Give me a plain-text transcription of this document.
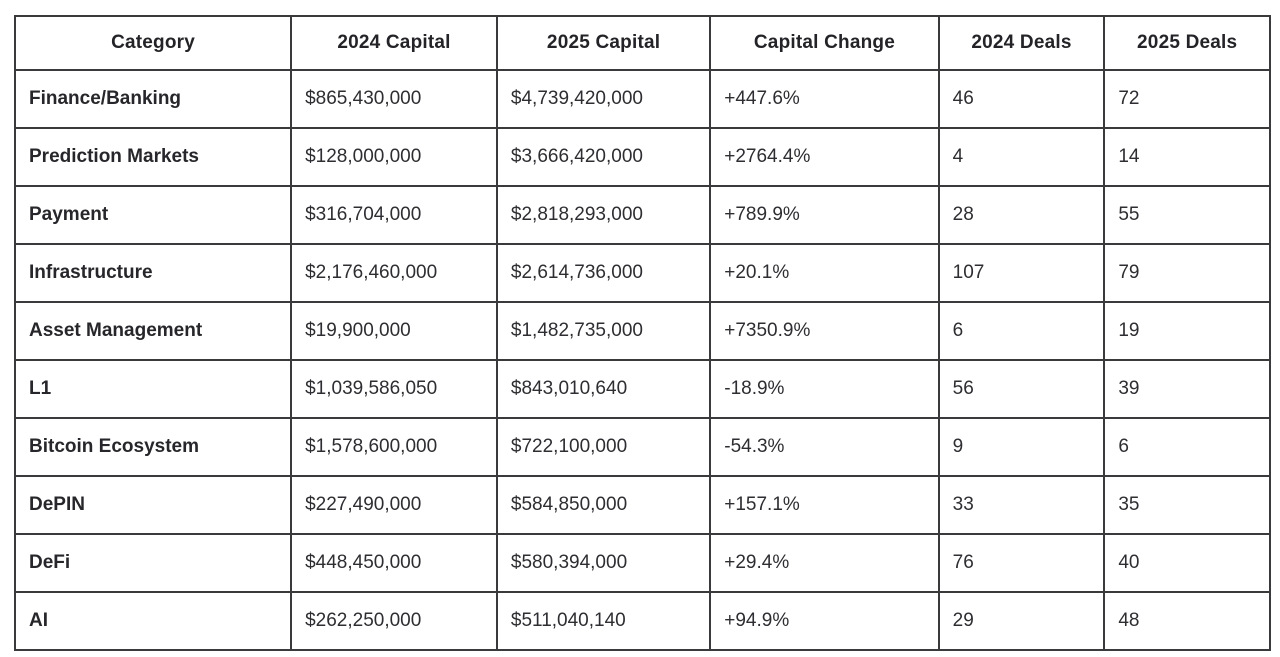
Category	2024 Capital	2025 Capital	Capital Change	2024 Deals	2025 Deals
Finance/Banking	$865,430,000	$4,739,420,000	+447.6%	46	72
Prediction Markets	$128,000,000	$3,666,420,000	+2764.4%	4	14
Payment	$316,704,000	$2,818,293,000	+789.9%	28	55
Infrastructure	$2,176,460,000	$2,614,736,000	+20.1%	107	79
Asset Management	$19,900,000	$1,482,735,000	+7350.9%	6	19
L1	$1,039,586,050	$843,010,640	-18.9%	56	39
Bitcoin Ecosystem	$1,578,600,000	$722,100,000	-54.3%	9	6
DePIN	$227,490,000	$584,850,000	+157.1%	33	35
DeFi	$448,450,000	$580,394,000	+29.4%	76	40
AI	$262,250,000	$511,040,140	+94.9%	29	48
